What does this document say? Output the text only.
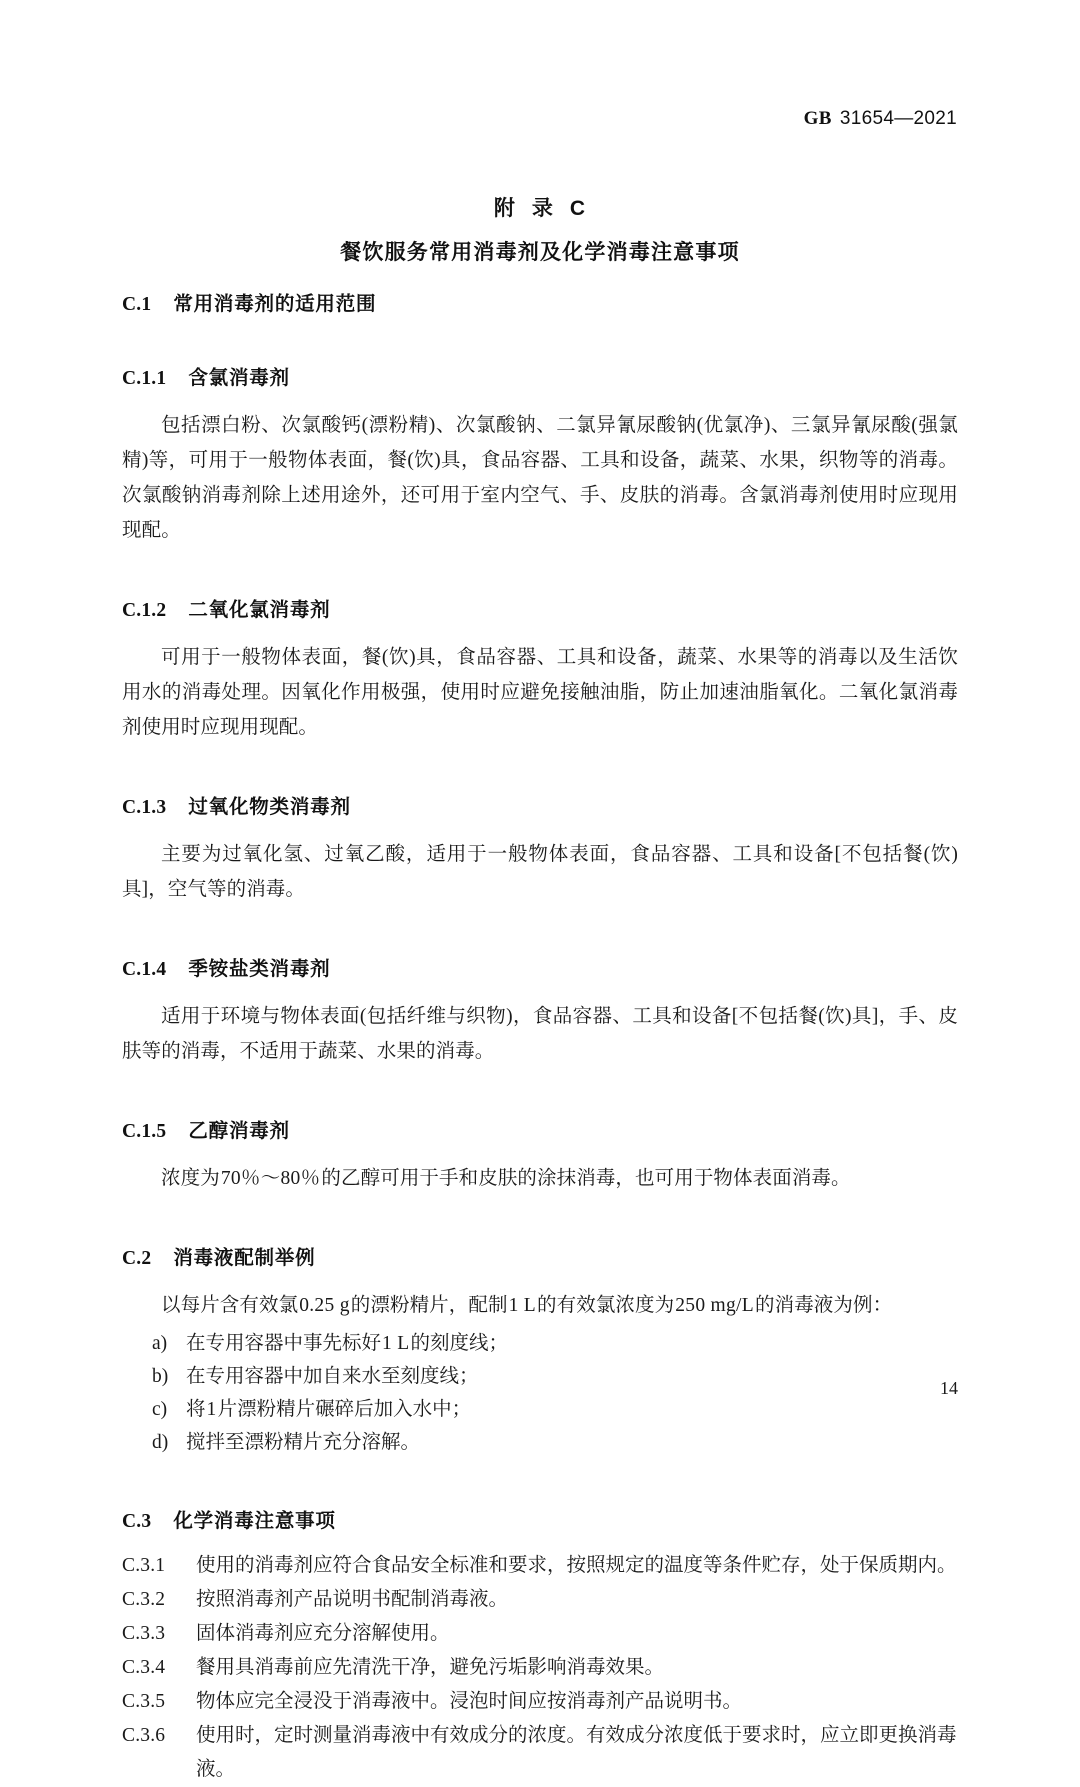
GB 31654—2021
附 录 C
餐饮服务常用消毒剂及化学消毒注意事项
C.1 常用消毒剂的适用范围
C.1.1 含氯消毒剂

包括漂白粉、次氯酸钙(漂粉精)、次氯酸钠、二氯异氰尿酸钠(优氯净)、三氯异氰尿酸(强氯精)等，可用于一般物体表面，餐(饮)具，食品容器、工具和设备，蔬菜、水果，织物等的消毒。次氯酸钠消毒剂除上述用途外，还可用于室内空气、手、皮肤的消毒。含氯消毒剂使用时应现用现配。

C.1.2 二氧化氯消毒剂

可用于一般物体表面，餐(饮)具，食品容器、工具和设备，蔬菜、水果等的消毒以及生活饮用水的消毒处理。因氧化作用极强，使用时应避免接触油脂，防止加速油脂氧化。二氧化氯消毒剂使用时应现用现配。

C.1.3 过氧化物类消毒剂

主要为过氧化氢、过氧乙酸，适用于一般物体表面，食品容器、工具和设备[不包括餐(饮)具]，空气等的消毒。

C.1.4 季铵盐类消毒剂

适用于环境与物体表面(包括纤维与织物)，食品容器、工具和设备[不包括餐(饮)具]，手、皮肤等的消毒，不适用于蔬菜、水果的消毒。

C.1.5 乙醇消毒剂

浓度为70％～80％的乙醇可用于手和皮肤的涂抹消毒，也可用于物体表面消毒。

C.2 消毒液配制举例

以每片含有效氯0.25 g的漂粉精片，配制1 L的有效氯浓度为250 mg/L的消毒液为例：

a) 在专用容器中事先标好1 L的刻度线；
b) 在专用容器中加自来水至刻度线；
c) 将1片漂粉精片碾碎后加入水中；
d) 搅拌至漂粉精片充分溶解。
C.3 化学消毒注意事项
C.3.1	使用的消毒剂应符合食品安全标准和要求，按照规定的温度等条件贮存，处于保质期内。
C.3.2	按照消毒剂产品说明书配制消毒液。
C.3.3	固体消毒剂应充分溶解使用。
C.3.4	餐用具消毒前应先清洗干净，避免污垢影响消毒效果。
C.3.5	物体应完全浸没于消毒液中。浸泡时间应按消毒剂产品说明书。
C.3.6	使用时，定时测量消毒液中有效成分的浓度。有效成分浓度低于要求时，应立即更换消毒液。
14
